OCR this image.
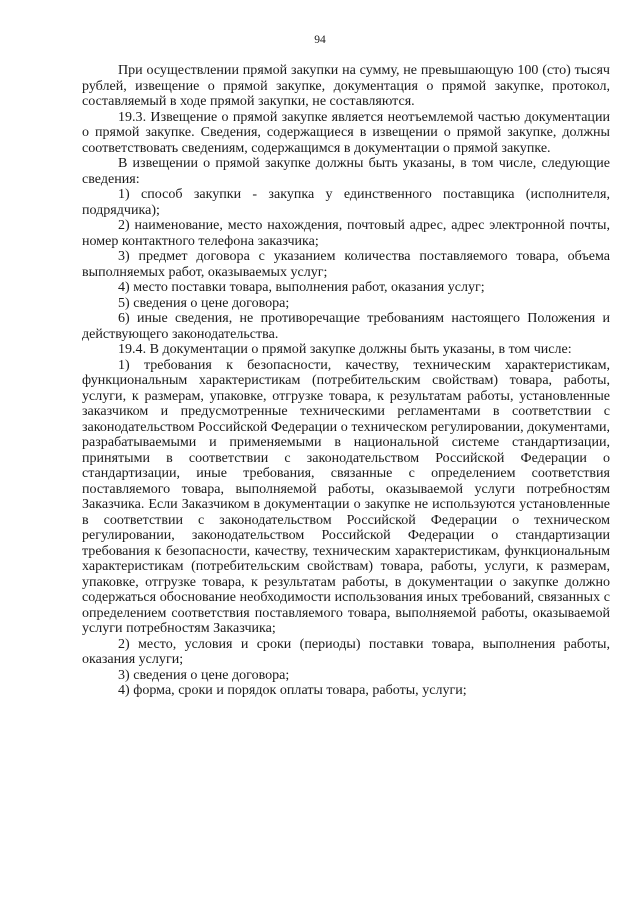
94

При осуществлении прямой закупки на сумму, не превышающую 100 (сто) тысяч рублей, извещение о прямой закупке, документация о прямой закупке, протокол, составляемый в ходе прямой закупки, не составляются.

19.3. Извещение о прямой закупке является неотъемлемой частью документации о прямой закупке. Сведения, содержащиеся в извещении о прямой закупке, должны соответствовать сведениям, содержащимся в документации о прямой закупке.

В извещении о прямой закупке должны быть указаны, в том числе, следующие сведения:

1) способ закупки - закупка у единственного поставщика (исполнителя, подрядчика);

2) наименование, место нахождения, почтовый адрес, адрес электронной почты, номер контактного телефона заказчика;

3) предмет договора с указанием количества поставляемого товара, объема выполняемых работ, оказываемых услуг;

4) место поставки товара, выполнения работ, оказания услуг;

5) сведения о цене договора;

6) иные сведения, не противоречащие требованиям настоящего Положения и действующего законодательства.

19.4. В документации о прямой закупке должны быть указаны, в том числе:

1) требования к безопасности, качеству, техническим характеристикам, функциональным характеристикам (потребительским свойствам) товара, работы, услуги, к размерам, упаковке, отгрузке товара, к результатам работы, установленные заказчиком и предусмотренные техническими регламентами в соответствии с законодательством Российской Федерации о техническом регулировании, документами, разрабатываемыми и применяемыми в национальной системе стандартизации, принятыми в соответствии с законодательством Российской Федерации о стандартизации, иные требования, связанные с определением соответствия поставляемого товара, выполняемой работы, оказываемой услуги потребностям Заказчика. Если Заказчиком в документации о закупке не используются установленные в соответствии с законодательством Российской Федерации о техническом регулировании, законодательством Российской Федерации о стандартизации требования к безопасности, качеству, техническим характеристикам, функциональным характеристикам (потребительским свойствам) товара, работы, услуги, к размерам, упаковке, отгрузке товара, к результатам работы, в документации о закупке должно содержаться обоснование необходимости использования иных требований, связанных с определением соответствия поставляемого товара, выполняемой работы, оказываемой услуги потребностям Заказчика;

2) место, условия и сроки (периоды) поставки товара, выполнения работы, оказания услуги;

3) сведения о цене договора;

4) форма, сроки и порядок оплаты товара, работы, услуги;
